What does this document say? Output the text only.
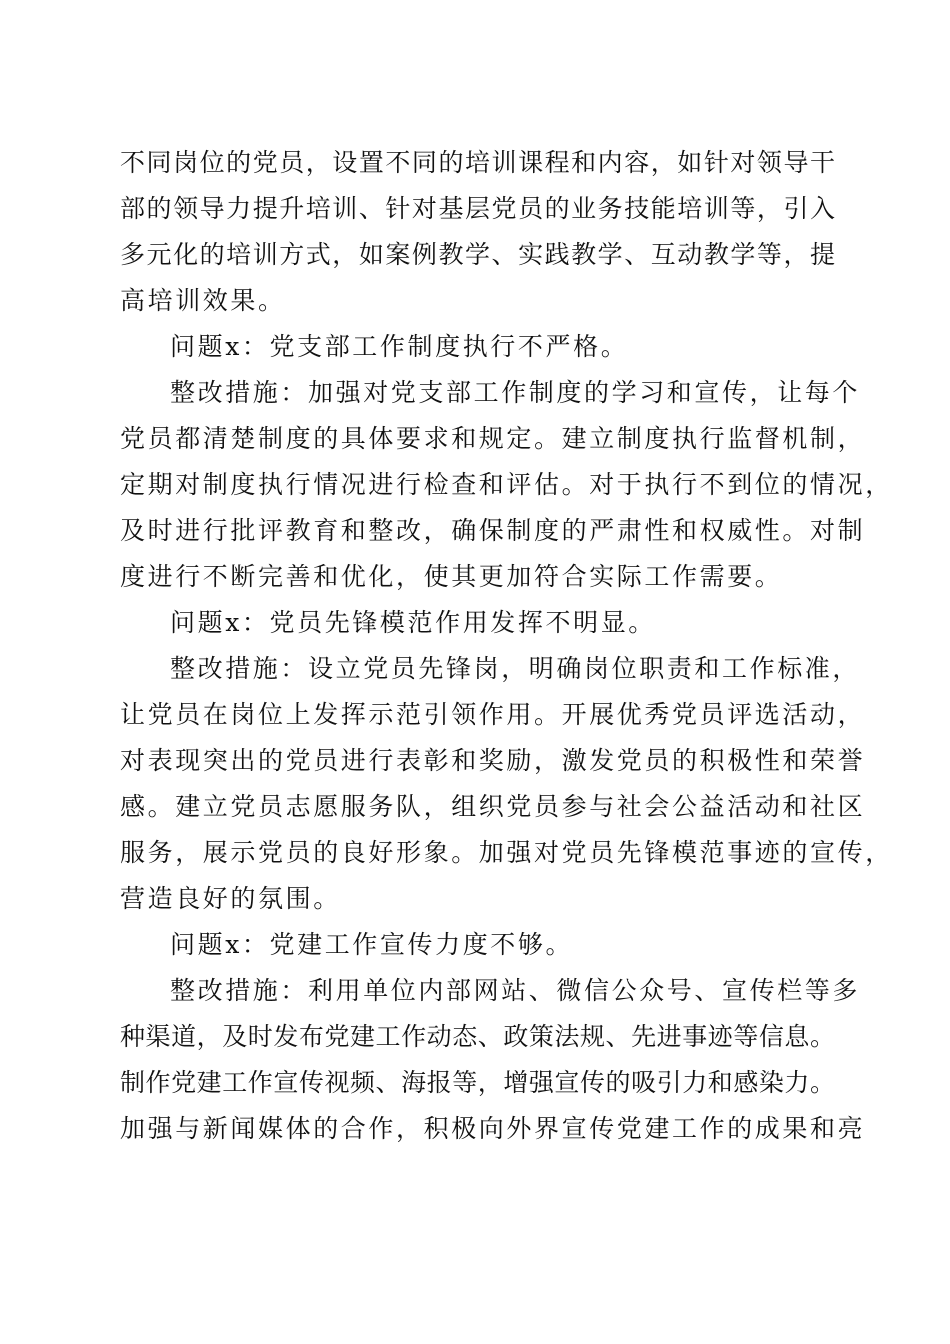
不同岗位的党员，设置不同的培训课程和内容，如针对领导干
部的领导力提升培训、针对基层党员的业务技能培训等，引入
多元化的培训方式，如案例教学、实践教学、互动教学等，提
高培训效果。
问题x：党支部工作制度执行不严格。
整改措施：加强对党支部工作制度的学习和宣传，让每个
党员都清楚制度的具体要求和规定。建立制度执行监督机制，
定期对制度执行情况进行检查和评估。对于执行不到位的情况，
及时进行批评教育和整改，确保制度的严肃性和权威性。对制
度进行不断完善和优化，使其更加符合实际工作需要。
问题x：党员先锋模范作用发挥不明显。
整改措施：设立党员先锋岗，明确岗位职责和工作标准，
让党员在岗位上发挥示范引领作用。开展优秀党员评选活动，
对表现突出的党员进行表彰和奖励，激发党员的积极性和荣誉
感。建立党员志愿服务队，组织党员参与社会公益活动和社区
服务，展示党员的良好形象。加强对党员先锋模范事迹的宣传，
营造良好的氛围。
问题x：党建工作宣传力度不够。
整改措施：利用单位内部网站、微信公众号、宣传栏等多
种渠道，及时发布党建工作动态、政策法规、先进事迹等信息。
制作党建工作宣传视频、海报等，增强宣传的吸引力和感染力。
加强与新闻媒体的合作，积极向外界宣传党建工作的成果和亮
